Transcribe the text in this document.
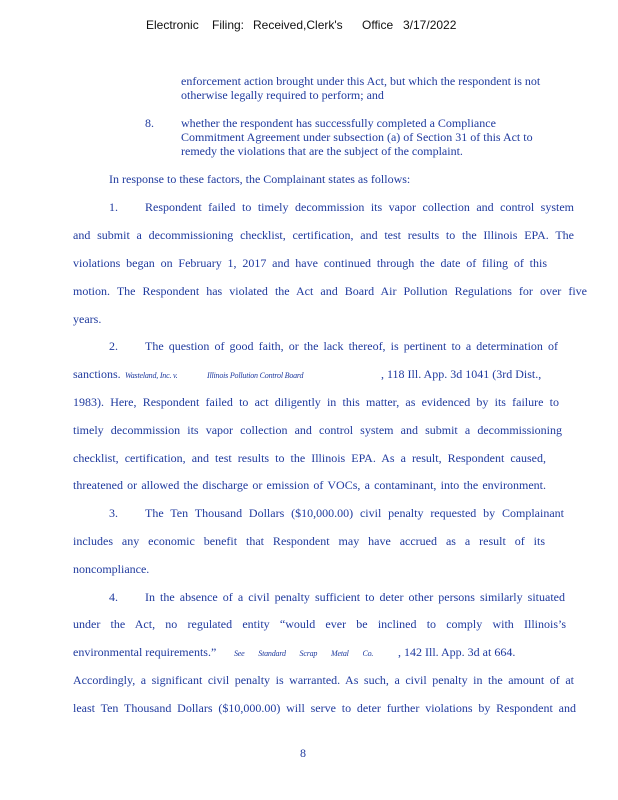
Electronic Filing: Received,Clerk's Office 3/17/2022
enforcement action brought under this Act, but which the respondent is not
otherwise legally required to perform; and
8. whether the respondent has successfully completed a Compliance
Commitment Agreement under subsection (a) of Section 31 of this Act to
remedy the violations that are the subject of the complaint.
In response to these factors, the Complainant states as follows:
1. Respondent failed to timely decommission its vapor collection and control system
and submit a decommissioning checklist, certification, and test results to the Illinois EPA. The
violations began on February 1, 2017 and have continued through the date of filing of this
motion. The Respondent has violated the Act and Board Air Pollution Regulations for over five
years.
2. The question of good faith, or the lack thereof, is pertinent to a determination of
sanctions. Wasteland, Inc. v.	Illinois Pollution Control Board	, 118 Ill. App. 3d 1041 (3rd Dist.,
1983). Here, Respondent failed to act diligently in this matter, as evidenced by its failure to
timely decommission its vapor collection and control system and submit a decommissioning
checklist, certification, and test results to the Illinois EPA. As a result, Respondent caused,
threatened or allowed the discharge or emission of VOCs, a contaminant, into the environment.
3. The Ten Thousand Dollars ($10,000.00) civil penalty requested by Complainant
includes any economic benefit that Respondent may have accrued as a result of its
noncompliance.
4. In the absence of a civil penalty sufficient to deter other persons similarly situated
under the Act, no regulated entity “would ever be inclined to comply with Illinois’s
environmental requirements.” See Standard Scrap Metal Co. , 142 Ill. App. 3d at 664.
Accordingly, a significant civil penalty is warranted. As such, a civil penalty in the amount of at
least Ten Thousand Dollars ($10,000.00) will serve to deter further violations by Respondent and
8
